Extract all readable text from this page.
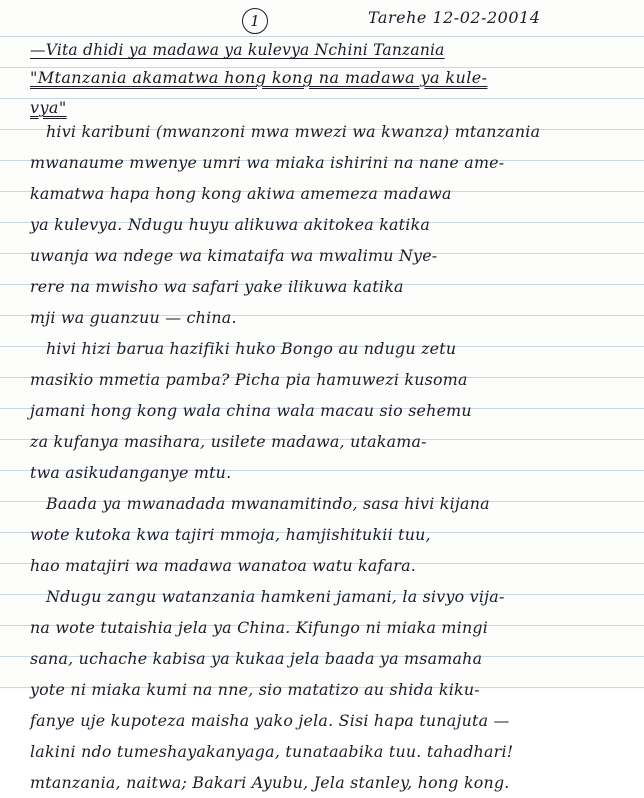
1	Tarehe 12-02-20014
—Vita dhidi ya madawa ya kulevya Nchini Tanzania
"Mtanzania akamatwa hong kong na madawa ya kule-
vya"
hivi karibuni (mwanzoni mwa mwezi wa kwanza) mtanzania
mwanaume mwenye umri wa miaka ishirini na nane ame-
kamatwa hapa hong kong akiwa amemeza madawa
ya kulevya. Ndugu huyu alikuwa akitokea katika
uwanja wa ndege wa kimataifa wa mwalimu Nye-
rere na mwisho wa safari yake ilikuwa katika
mji wa guanzuu — china.
hivi hizi barua hazifiki huko Bongo au ndugu zetu
masikio mmetia pamba? Picha pia hamuwezi kusoma
jamani hong kong wala china wala macau sio sehemu
za kufanya masihara, usilete madawa, utakama-
twa asikudanganye mtu.
Baada ya mwanadada mwanamitindo, sasa hivi kijana
wote kutoka kwa tajiri mmoja, hamjishitukii tuu,
hao matajiri wa madawa wanatoa watu kafara.
Ndugu zangu watanzania hamkeni jamani, la sivyo vija-
na wote tutaishia jela ya China. Kifungo ni miaka mingi
sana, uchache kabisa ya kukaa jela baada ya msamaha
yote ni miaka kumi na nne, sio matatizo au shida kiku-
fanye uje kupoteza maisha yako jela. Sisi hapa tunajuta —
lakini ndo tumeshayakanyaga, tunataabika tuu. tahadhari!
mtanzania, naitwa; Bakari Ayubu, Jela stanley, hong kong.
